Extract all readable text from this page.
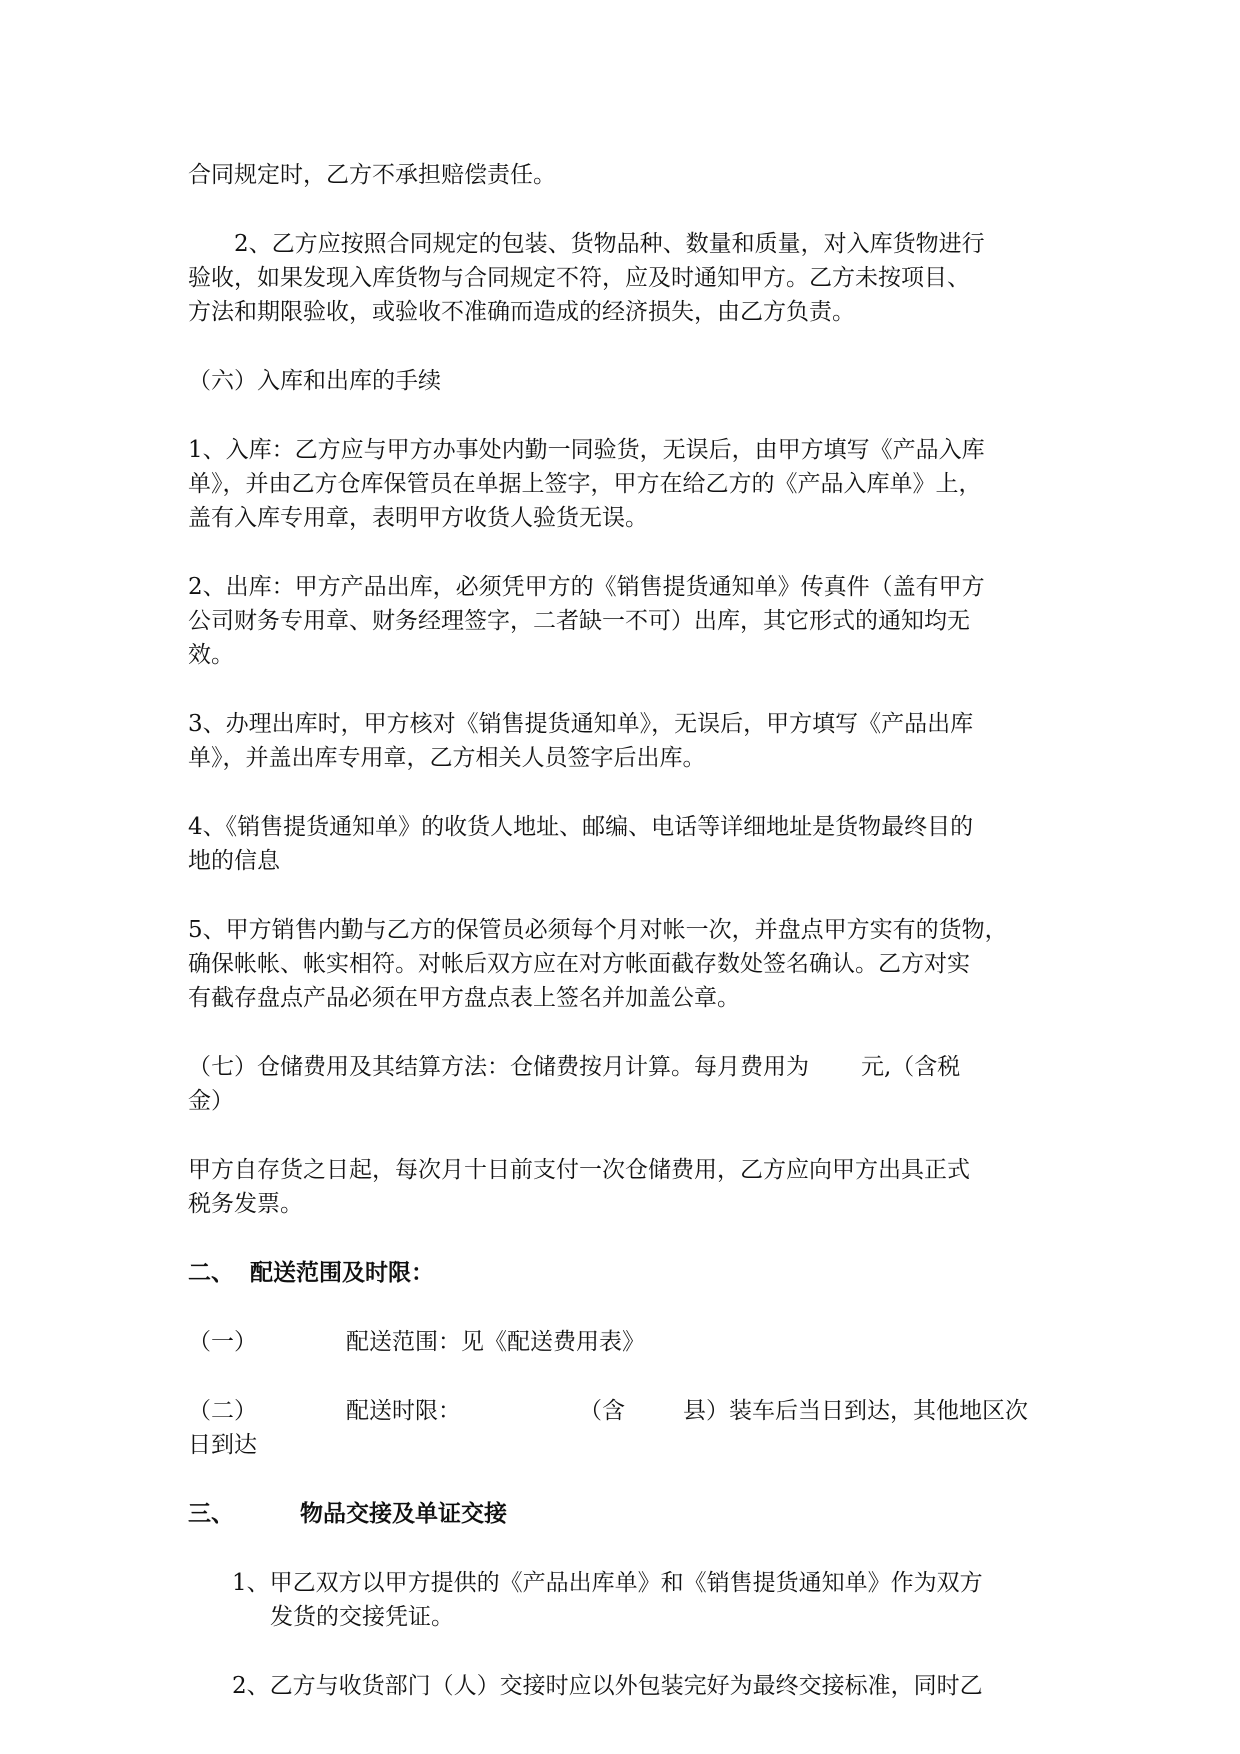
合同规定时，乙方不承担赔偿责任。

2、乙方应按照合同规定的包装、货物品种、数量和质量，对入库货物进行

验收，如果发现入库货物与合同规定不符，应及时通知甲方。乙方未按项目、

方法和期限验收，或验收不准确而造成的经济损失，由乙方负责。

（六）入库和出库的手续

1、入库：乙方应与甲方办事处内勤一同验货，无误后，由甲方填写《产品入库

单》，并由乙方仓库保管员在单据上签字，甲方在给乙方的《产品入库单》上，

盖有入库专用章，表明甲方收货人验货无误。

2、出库：甲方产品出库，必须凭甲方的《销售提货通知单》传真件（盖有甲方

公司财务专用章、财务经理签字，二者缺一不可）出库，其它形式的通知均无

效。

3、办理出库时，甲方核对《销售提货通知单》，无误后，甲方填写《产品出库

单》，并盖出库专用章，乙方相关人员签字后出库。

4、《销售提货通知单》的收货人地址、邮编、电话等详细地址是货物最终目的

地的信息

5、甲方销售内勤与乙方的保管员必须每个月对帐一次，并盘点甲方实有的货物，

确保帐帐、帐实相符。对帐后双方应在对方帐面截存数处签名确认。乙方对实

有截存盘点产品必须在甲方盘点表上签名并加盖公章。

（七）仓储费用及其结算方法：仓储费按月计算。每月费用为 元,（含税

金）

甲方自存货之日起，每次月十日前支付一次仓储费用，乙方应向甲方出具正式

税务发票。

二、 配送范围及时限：

（一）	配送范围：见《配送费用表》

（二）	配送时限：	（含	县）装车后当日到达，其他地区次

日到达

三、	物品交接及单证交接

1、甲乙双方以甲方提供的《产品出库单》和《销售提货通知单》作为双方

发货的交接凭证。

2、乙方与收货部门（人）交接时应以外包装完好为最终交接标准，同时乙
